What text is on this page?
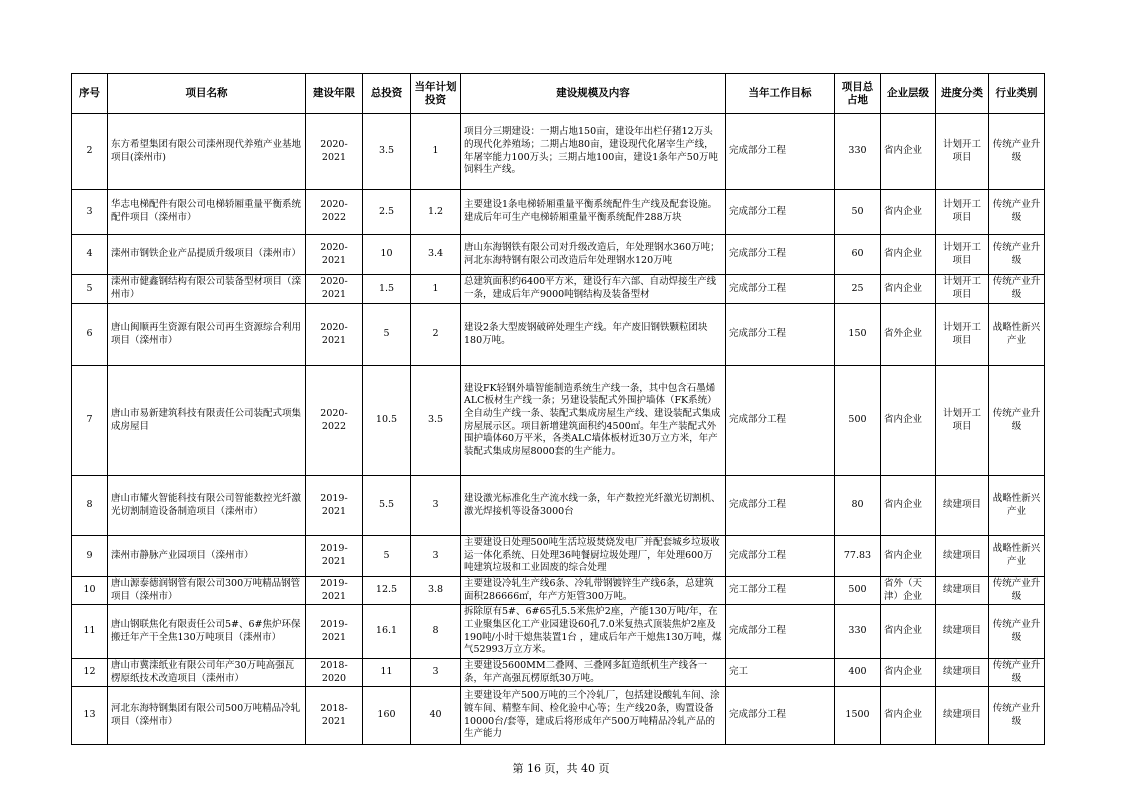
序号	项目名称	建设年限	总投资	当年计划投资	建设规模及内容	当年工作目标	项目总占地	企业层级	进度分类	行业类别
2	东方希望集团有限公司滦州现代养殖产业基地项目(滦州市)	2020-2021	3.5	1	项目分三期建设：一期占地150亩，建设年出栏仔猪12万头的现代化养殖场；二期占地80亩，建设现代化屠宰生产线，年屠宰能力100万头；三期占地100亩，建设1条年产50万吨饲料生产线。	完成部分工程	330	省内企业	计划开工项目	传统产业升级
3	华志电梯配件有限公司电梯轿厢重量平衡系统配件项目（滦州市）	2020-2022	2.5	1.2	主要建设1条电梯轿厢重量平衡系统配件生产线及配套设施。建成后年可生产电梯轿厢重量平衡系统配件288万块	完成部分工程	50	省内企业	计划开工项目	传统产业升级
4	滦州市钢铁企业产品提质升级项目（滦州市）	2020-2021	10	3.4	唐山东海钢铁有限公司对升级改造后，年处理钢水360万吨；河北东海特钢有限公司改造后年处理钢水120万吨	完成部分工程	60	省内企业	计划开工项目	传统产业升级
5	滦州市健鑫钢结构有限公司装备型材项目（滦州市）	2020-2021	1.5	1	总建筑面积约6400平方米，建设行车六部、自动焊接生产线一条，建成后年产9000吨钢结构及装备型材	完成部分工程	25	省内企业	计划开工项目	传统产业升级
6	唐山闽顺再生资源有限公司再生资源综合利用项目（滦州市）	2020-2021	5	2	建设2条大型废钢破碎处理生产线。年产废旧钢铁颗粒团块180万吨。	完成部分工程	150	省外企业	计划开工项目	战略性新兴产业
7	唐山市易新建筑科技有限责任公司装配式项集成房屋目	2020-2022	10.5	3.5	建设FK轻钢外墙智能制造系统生产线一条，其中包含石墨烯ALC板材生产线一条；另建设装配式外围护墙体（FK系统）全自动生产线一条、装配式集成房屋生产线、建设装配式集成房屋展示区。项目新增建筑面积约4500㎡。年生产装配式外围护墙体60万平米，各类ALC墙体板材近30万立方米，年产装配式集成房屋8000套的生产能力。	完成部分工程	500	省内企业	计划开工项目	传统产业升级
8	唐山市耀火智能科技有限公司智能数控光纤激光切割制造设备制造项目（滦州市）	2019-2021	5.5	3	建设激光标准化生产流水线一条，年产数控光纤激光切割机、激光焊接机等设备3000台	完成部分工程	80	省内企业	续建项目	战略性新兴产业
9	滦州市静脉产业园项目（滦州市）	2019-2021	5	3	主要建设日处理500吨生活垃圾焚烧发电厂并配套城乡垃圾收运一体化系统、日处理36吨餐厨垃圾处理厂，年处理600万吨建筑垃圾和工业固废的综合处理	完成部分工程	77.83	省内企业	续建项目	战略性新兴产业
10	唐山源泰德润钢管有限公司300万吨精品钢管项目（滦州市）	2019-2021	12.5	3.8	主要建设冷轧生产线6条、冷轧带钢镀锌生产线6条，总建筑面积286666㎡，年产方矩管300万吨。	完工部分工程	500	省外（天津）企业	续建项目	传统产业升级
11	唐山钢联焦化有限责任公司5#、6#焦炉环保搬迁年产干全焦130万吨项目（滦州市）	2019-2021	16.1	8	拆除原有5#、6#65孔5.5米焦炉2座，产能130万吨/年，在工业聚集区化工产业园建设60孔7.0米复热式顶装焦炉2座及190吨/小时干熄焦装置1台 ，建成后年产干熄焦130万吨，煤气52993万立方米。	完成部分工程	330	省内企业	续建项目	传统产业升级
12	唐山市冀滦纸业有限公司年产30万吨高强瓦楞原纸技术改造项目（滦州市）	2018-2020	11	3	主要建设5600MM二叠网、三叠网多缸造纸机生产线各一条，年产高强瓦楞原纸30万吨。	完工	400	省内企业	续建项目	传统产业升级
13	河北东海特钢集团有限公司500万吨精品冷轧项目（滦州市）	2018-2021	160	40	主要建设年产500万吨的三个冷轧厂，包括建设酸轧车间、涂镀车间、精整车间、检化验中心等；生产线20条，购置设备10000台/套等，建成后将形成年产500万吨精品冷轧产品的生产能力	完成部分工程	1500	省内企业	续建项目	传统产业升级
第 16 页，共 40 页
